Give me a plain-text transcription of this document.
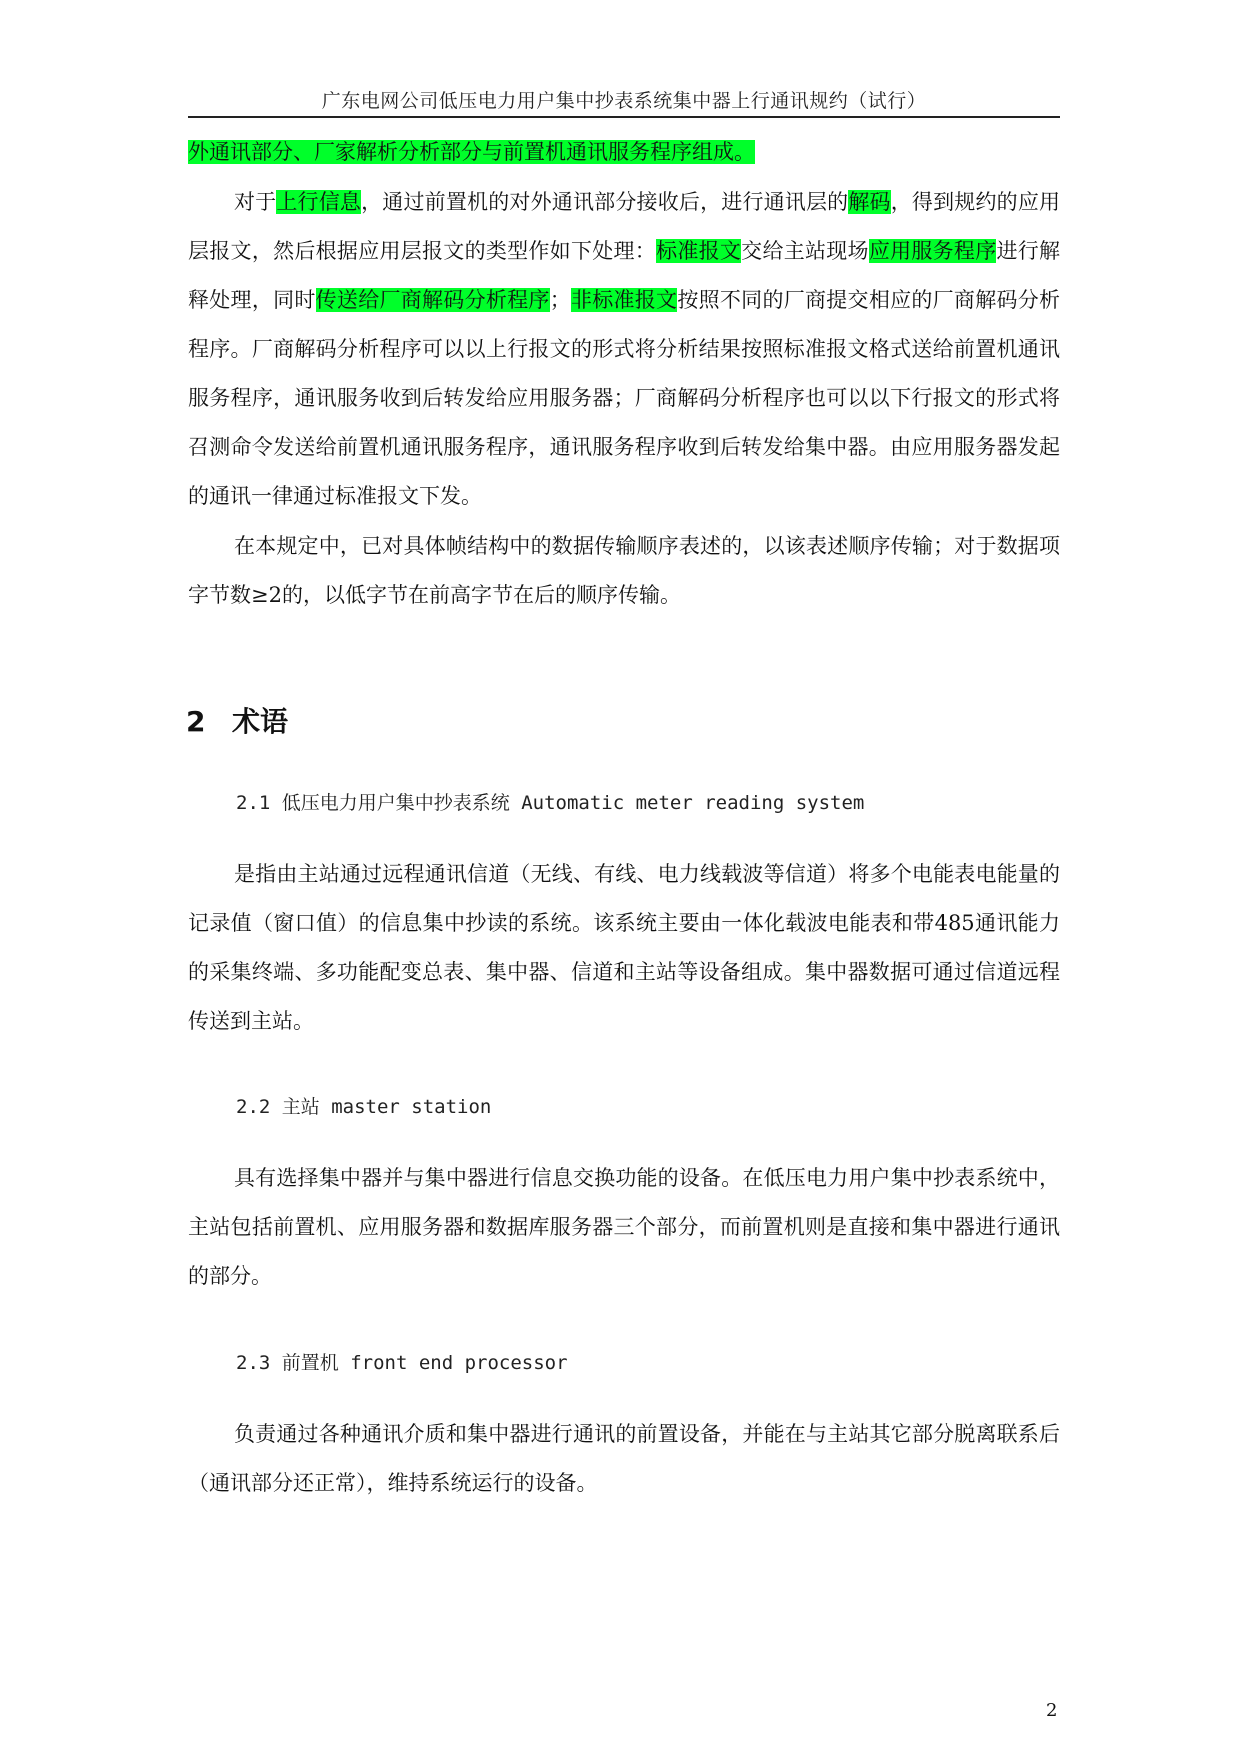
广东电网公司低压电力用户集中抄表系统集中器上行通讯规约（试行）
外通讯部分、厂家解析分析部分与前置机通讯服务程序组成。
对于上行信息，通过前置机的对外通讯部分接收后，进行通讯层的解码，得到规约的应用层报文，然后根据应用层报文的类型作如下处理：标准报文交给主站现场应用服务程序进行解释处理，同时传送给厂商解码分析程序；非标准报文按照不同的厂商提交相应的厂商解码分析程序。厂商解码分析程序可以以上行报文的形式将分析结果按照标准报文格式送给前置机通讯服务程序，通讯服务收到后转发给应用服务器；厂商解码分析程序也可以以下行报文的形式将召测命令发送给前置机通讯服务程序，通讯服务程序收到后转发给集中器。由应用服务器发起的通讯一律通过标准报文下发。
在本规定中，已对具体帧结构中的数据传输顺序表述的，以该表述顺序传输；对于数据项字节数≥2的，以低字节在前高字节在后的顺序传输。
2 术语
2.1 低压电力用户集中抄表系统 Automatic meter reading system
是指由主站通过远程通讯信道（无线、有线、电力线载波等信道）将多个电能表电能量的记录值（窗口值）的信息集中抄读的系统。该系统主要由一体化载波电能表和带485通讯能力的采集终端、多功能配变总表、集中器、信道和主站等设备组成。集中器数据可通过信道远程传送到主站。
2.2 主站 master station
具有选择集中器并与集中器进行信息交换功能的设备。在低压电力用户集中抄表系统中，主站包括前置机、应用服务器和数据库服务器三个部分，而前置机则是直接和集中器进行通讯的部分。
2.3 前置机 front end processor
负责通过各种通讯介质和集中器进行通讯的前置设备，并能在与主站其它部分脱离联系后（通讯部分还正常），维持系统运行的设备。
2
